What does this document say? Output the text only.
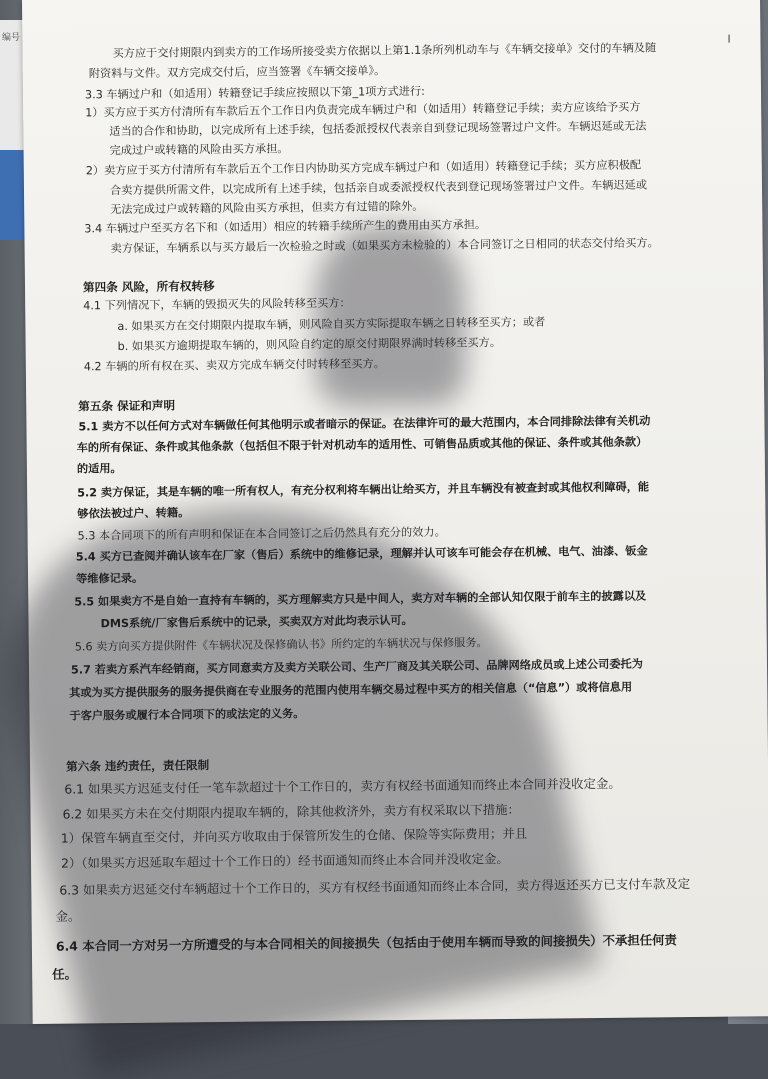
编号	I
买方应于交付期限内到卖方的工作场所接受卖方依据以上第1.1条所列机动车与《车辆交接单》交付的车辆及随
附资料与文件。双方完成交付后，应当签署《车辆交接单》。
3.3 车辆过户和（如适用）转籍登记手续应按照以下第_1项方式进行:
1）买方应于买方付清所有车款后五个工作日内负责完成车辆过户和（如适用）转籍登记手续；卖方应该给予买方
适当的合作和协助，以完成所有上述手续，包括委派授权代表亲自到登记现场签署过户文件。车辆迟延或无法
完成过户或转籍的风险由买方承担。
2）卖方应于买方付清所有车款后五个工作日内协助买方完成车辆过户和（如适用）转籍登记手续；买方应积极配
合卖方提供所需文件，以完成所有上述手续，包括亲自或委派授权代表到登记现场签署过户文件。车辆迟延或
无法完成过户或转籍的风险由买方承担，但卖方有过错的除外。
3.4 车辆过户至买方名下和（如适用）相应的转籍手续所产生的费用由买方承担。
卖方保证，车辆系以与买方最后一次检验之时或（如果买方未检验的）本合同签订之日相同的状态交付给买方。
第四条 风险，所有权转移
4.1 下列情况下，车辆的毁损灭失的风险转移至买方：
a. 如果买方在交付期限内提取车辆，则风险自买方实际提取车辆之日转移至买方；或者
b. 如果买方逾期提取车辆的，则风险自约定的原交付期限界满时转移至买方。
4.2 车辆的所有权在买、卖双方完成车辆交付时转移至买方。
第五条 保证和声明
5.1 卖方不以任何方式对车辆做任何其他明示或者暗示的保证。在法律许可的最大范围内，本合同排除法律有关机动
车的所有保证、条件或其他条款（包括但不限于针对机动车的适用性、可销售品质或其他的保证、条件或其他条款）
的适用。
5.2 卖方保证，其是车辆的唯一所有权人，有充分权利将车辆出让给买方，并且车辆没有被查封或其他权利障碍，能
够依法被过户、转籍。
5.3 本合同项下的所有声明和保证在本合同签订之后仍然具有充分的效力。
5.4 买方已查阅并确认该车在厂家（售后）系统中的维修记录，理解并认可该车可能会存在机械、电气、油漆、钣金
等维修记录。
5.5 如果卖方不是自始一直持有车辆的，买方理解卖方只是中间人，卖方对车辆的全部认知仅限于前车主的披露以及
DMS系统/厂家售后系统中的记录，买卖双方对此均表示认可。
5.6 卖方向买方提供附件《车辆状况及保修确认书》所约定的车辆状况与保修服务。
5.7 若卖方系汽车经销商，买方同意卖方及卖方关联公司、生产厂商及其关联公司、品牌网络成员或上述公司委托为
其或为买方提供服务的服务提供商在专业服务的范围内使用车辆交易过程中买方的相关信息（“信息”）或将信息用
于客户服务或履行本合同项下的或法定的义务。
第六条 违约责任，责任限制
6.1 如果买方迟延支付任一笔车款超过十个工作日的，卖方有权经书面通知而终止本合同并没收定金。
6.2 如果买方未在交付期限内提取车辆的，除其他救济外，卖方有权采取以下措施：
1）保管车辆直至交付，并向买方收取由于保管所发生的仓储、保险等实际费用；并且
2）（如果买方迟延取车超过十个工作日的）经书面通知而终止本合同并没收定金。
6.3 如果卖方迟延交付车辆超过十个工作日的，买方有权经书面通知而终止本合同，卖方得返还买方已支付车款及定
金。
6.4 本合同一方对另一方所遭受的与本合同相关的间接损失（包括由于使用车辆而导致的间接损失）不承担任何责
任。
